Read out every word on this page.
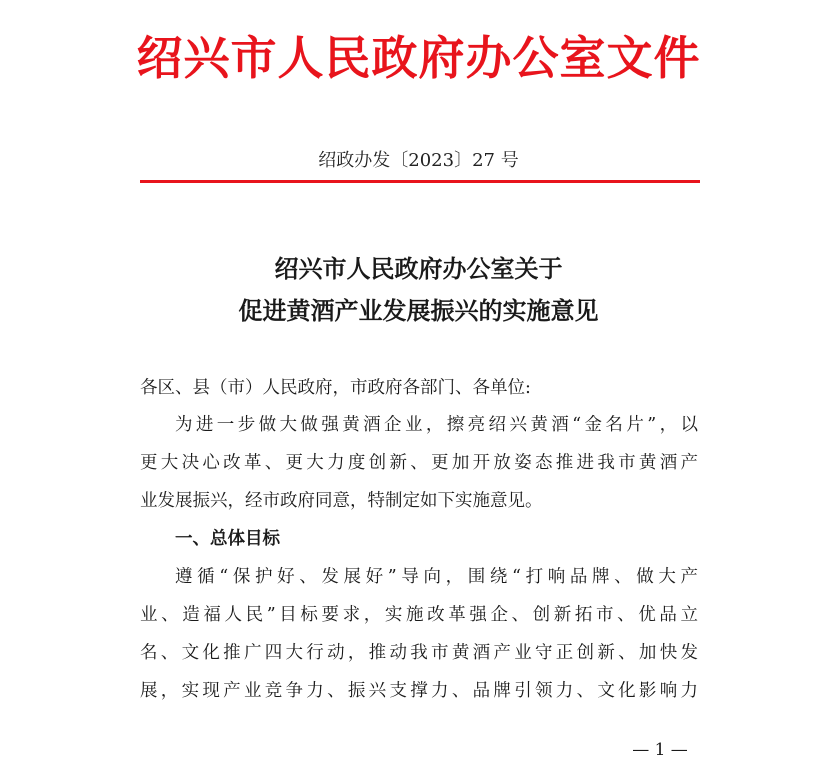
绍兴市人民政府办公室文件
绍政办发〔2023〕27 号
绍兴市人民政府办公室关于
促进黄酒产业发展振兴的实施意见
各区、县（市）人民政府，市政府各部门、各单位:
为进一步做大做强黄酒企业，擦亮绍兴黄酒“金名片”，以
更大决心改革、更大力度创新、更加开放姿态推进我市黄酒产
业发展振兴，经市政府同意，特制定如下实施意见。
一、总体目标
遵循“保护好、发展好”导向，围绕“打响品牌、做大产
业、造福人民”目标要求，实施改革强企、创新拓市、优品立
名、文化推广四大行动，推动我市黄酒产业守正创新、加快发
展，实现产业竞争力、振兴支撑力、品牌引领力、文化影响力
— 1 —
